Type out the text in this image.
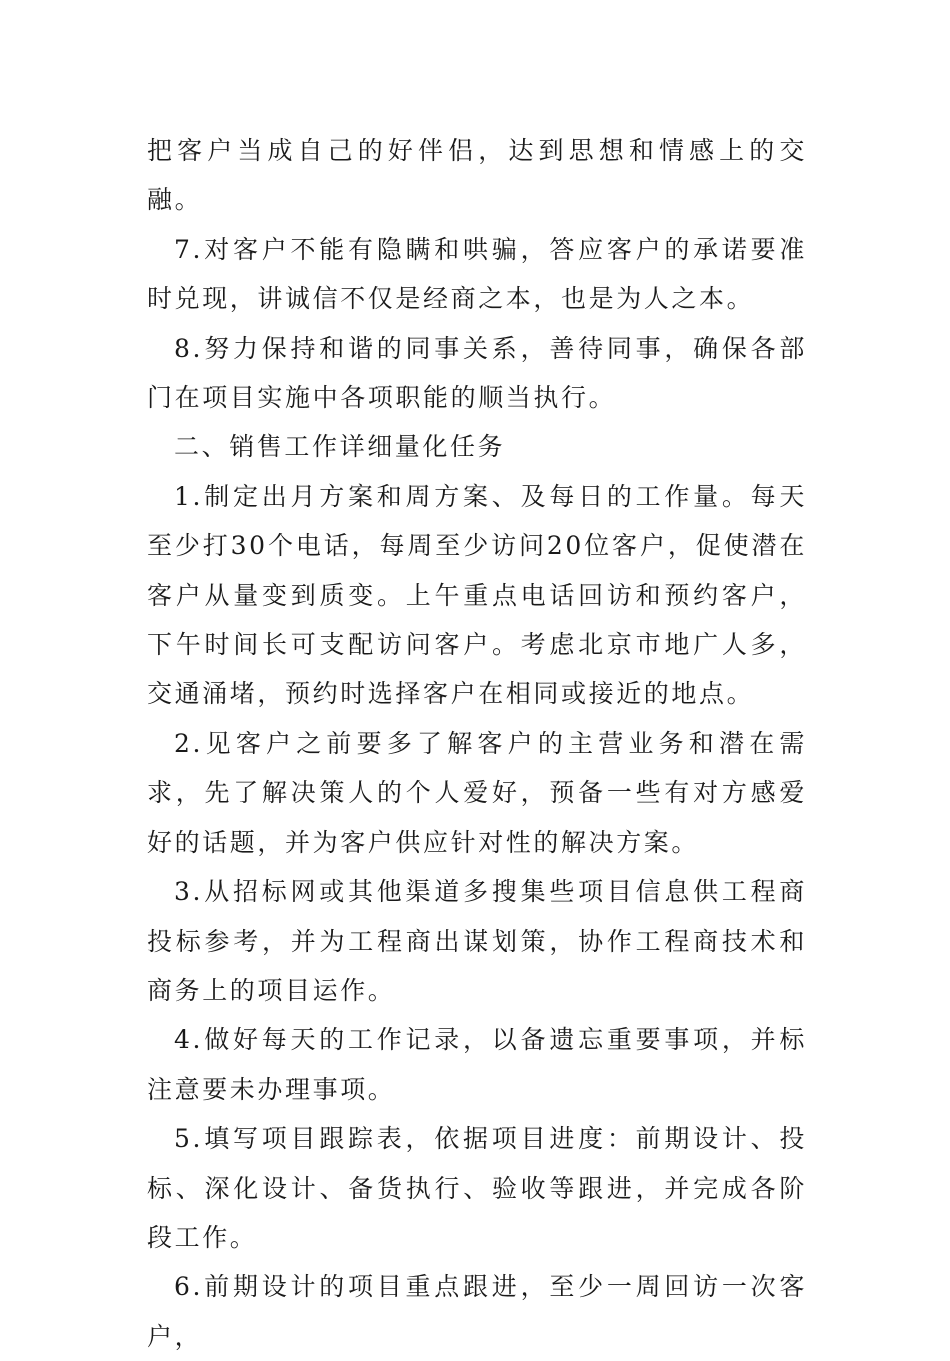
把客户当成自己的好伴侣，达到思想和情感上的交融。

7.对客户不能有隐瞒和哄骗，答应客户的承诺要准时兑现，讲诚信不仅是经商之本，也是为人之本。

8.努力保持和谐的同事关系，善待同事，确保各部门在项目实施中各项职能的顺当执行。

二、销售工作详细量化任务

1.制定出月方案和周方案、及每日的工作量。每天至少打30个电话，每周至少访问20位客户，促使潜在客户从量变到质变。上午重点电话回访和预约客户，下午时间长可支配访问客户。考虑北京市地广人多，交通涌堵，预约时选择客户在相同或接近的地点。

2.见客户之前要多了解客户的主营业务和潜在需求，先了解决策人的个人爱好，预备一些有对方感爱好的话题，并为客户供应针对性的解决方案。

3.从招标网或其他渠道多搜集些项目信息供工程商投标参考，并为工程商出谋划策，协作工程商技术和商务上的项目运作。

4.做好每天的工作记录，以备遗忘重要事项，并标注意要未办理事项。

5.填写项目跟踪表，依据项目进度：前期设计、投标、深化设计、备货执行、验收等跟进，并完成各阶段工作。

6.前期设计的项目重点跟进，至少一周回访一次客户，
